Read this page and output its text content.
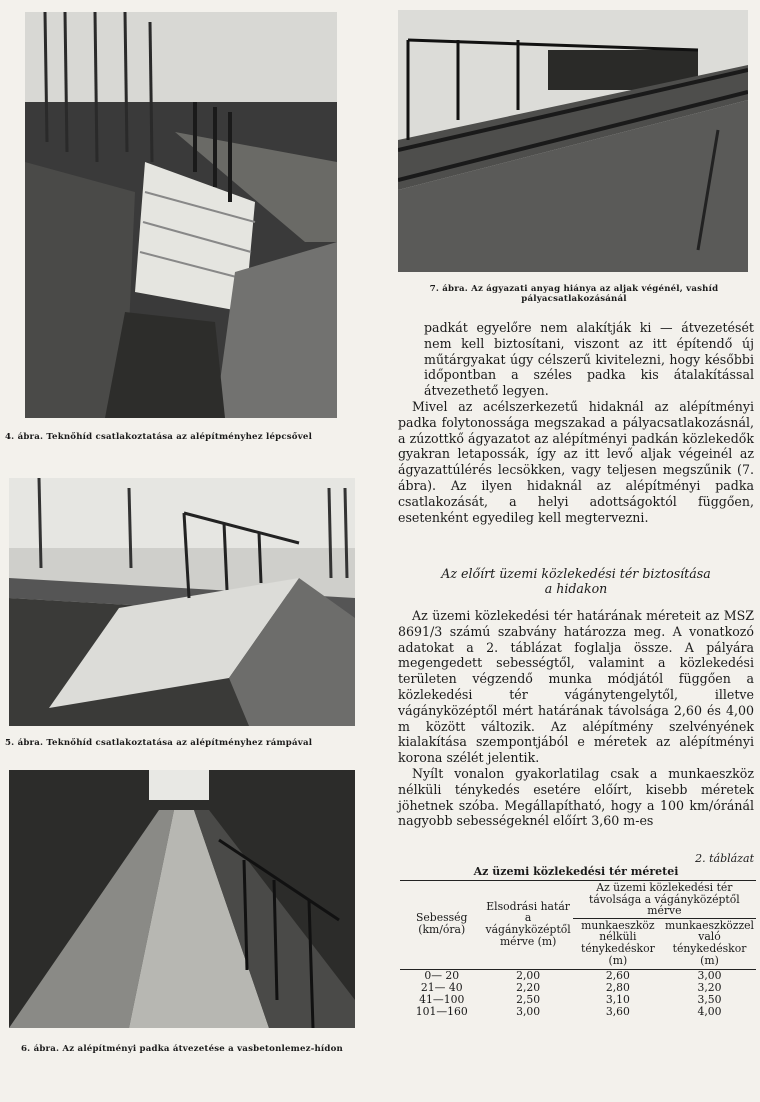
4. ábra. Teknőhíd csatlakoztatása az alépítményhez lépcsővel
5. ábra. Teknőhíd csatlakoztatása az alépítményhez rámpával
6. ábra. Az alépítményi padka átvezetése a vasbetonlemez-hídon
7. ábra. Az ágyazati anyag hiánya az aljak végénél, vashíd pályacsatlakozásánál

padkát egyelőre nem alakítják ki — átvezetését nem kell biztosítani, viszont az itt építendő új műtárgyakat úgy célszerű kivitelezni, hogy későbbi időpontban a széles padka kis átalakítással átvezethető legyen.

Mivel az acélszerkezetű hidaknál az alépítményi padka folytonossága megszakad a pályacsatlakozásnál, a zúzottkő ágyazatot az alépítményi padkán közlekedők gyakran letapossák, így az itt levő aljak végeinél az ágyazattúlérés lecsökken, vagy teljesen megszűnik (7. ábra). Az ilyen hidaknál az alépítményi padka csatlakozását, a helyi adottságoktól függően, esetenként egyedileg kell megtervezni.

Az előírt üzemi közlekedési tér biztosítása a hidakon

Az üzemi közlekedési tér határának méreteit az MSZ 8691/3 számú szabvány határozza meg. A vonatkozó adatokat a 2. táblázat foglalja össze. A pályára megengedett sebességtől, valamint a közlekedési területen végzendő munka módjától függően a közlekedési tér vágánytengelytől, illetve vágányközéptől mért határának távolsága 2,60 és 4,00 m között változik. Az alépítmény szelvényének kialakítása szempontjából e méretek az alépítményi korona szélét jelentik.

Nyílt vonalon gyakorlatilag csak a munkaeszköz nélküli ténykedés esetére előírt, kisebb méretek jöhetnek szóba. Megállapítható, hogy a 100 km/óránál nagyobb sebességeknél előírt 3,60 m-es

2. táblázat
Az üzemi közlekedési tér méretei
Sebesség (km/óra)	Elsodrási határ a vágányközéptől mérve (m)	Az üzemi közlekedési tér távolsága a vágányközéptől mérve	
		munkaeszköz nélküli ténykedéskor (m)	munkaeszközzel való ténykedéskor (m)

0— 20	2,00	2,60	3,00
21— 40	2,20	2,80	3,20
41—100	2,50	3,10	3,50
101—160	3,00	3,60	4,00
